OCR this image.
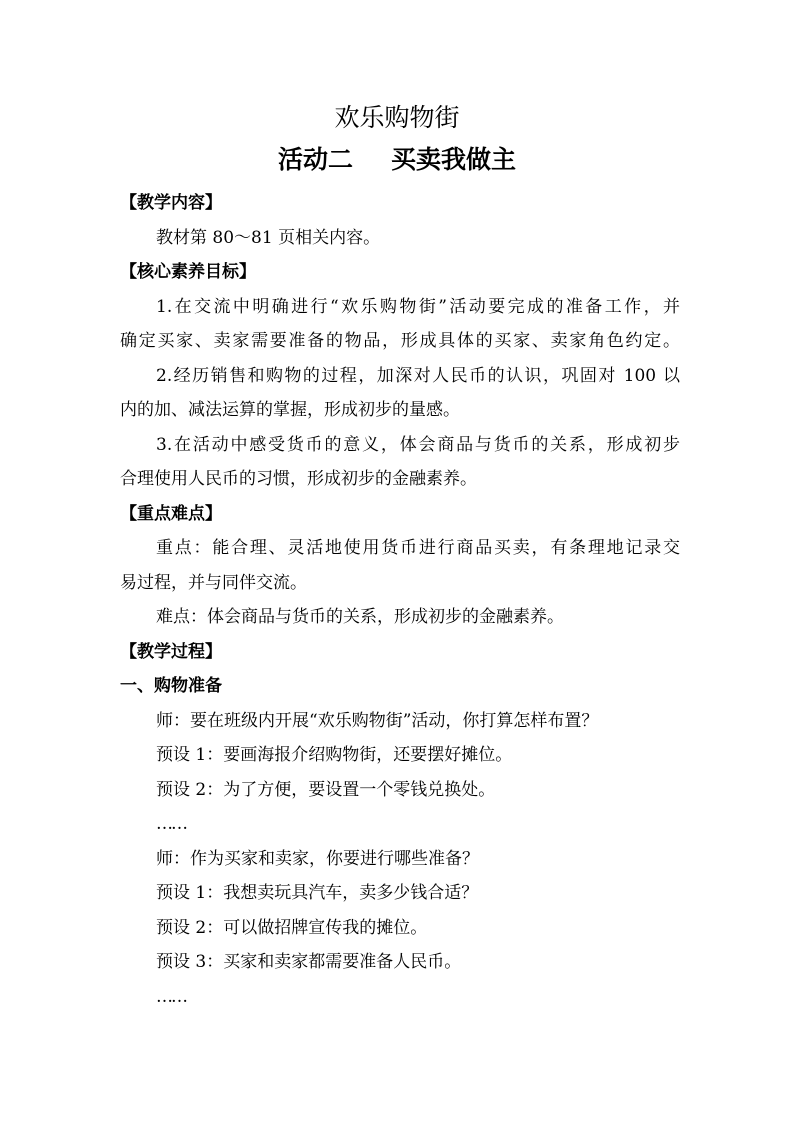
欢乐购物街
活动二 买卖我做主
【教学内容】
教材第 80～81 页相关内容。
【核心素养目标】
1.在交流中明确进行“欢乐购物街”活动要完成的准备工作，并
确定买家、卖家需要准备的物品，形成具体的买家、卖家角色约定。
2.经历销售和购物的过程，加深对人民币的认识，巩固对 100 以
内的加、减法运算的掌握，形成初步的量感。
3.在活动中感受货币的意义，体会商品与货币的关系，形成初步
合理使用人民币的习惯，形成初步的金融素养。
【重点难点】
重点：能合理、灵活地使用货币进行商品买卖，有条理地记录交
易过程，并与同伴交流。
难点：体会商品与货币的关系，形成初步的金融素养。
【教学过程】
一、购物准备
师：要在班级内开展“欢乐购物街”活动，你打算怎样布置？
预设 1：要画海报介绍购物街，还要摆好摊位。
预设 2：为了方便，要设置一个零钱兑换处。
……
师：作为买家和卖家，你要进行哪些准备？
预设 1：我想卖玩具汽车，卖多少钱合适？
预设 2：可以做招牌宣传我的摊位。
预设 3：买家和卖家都需要准备人民币。
……
